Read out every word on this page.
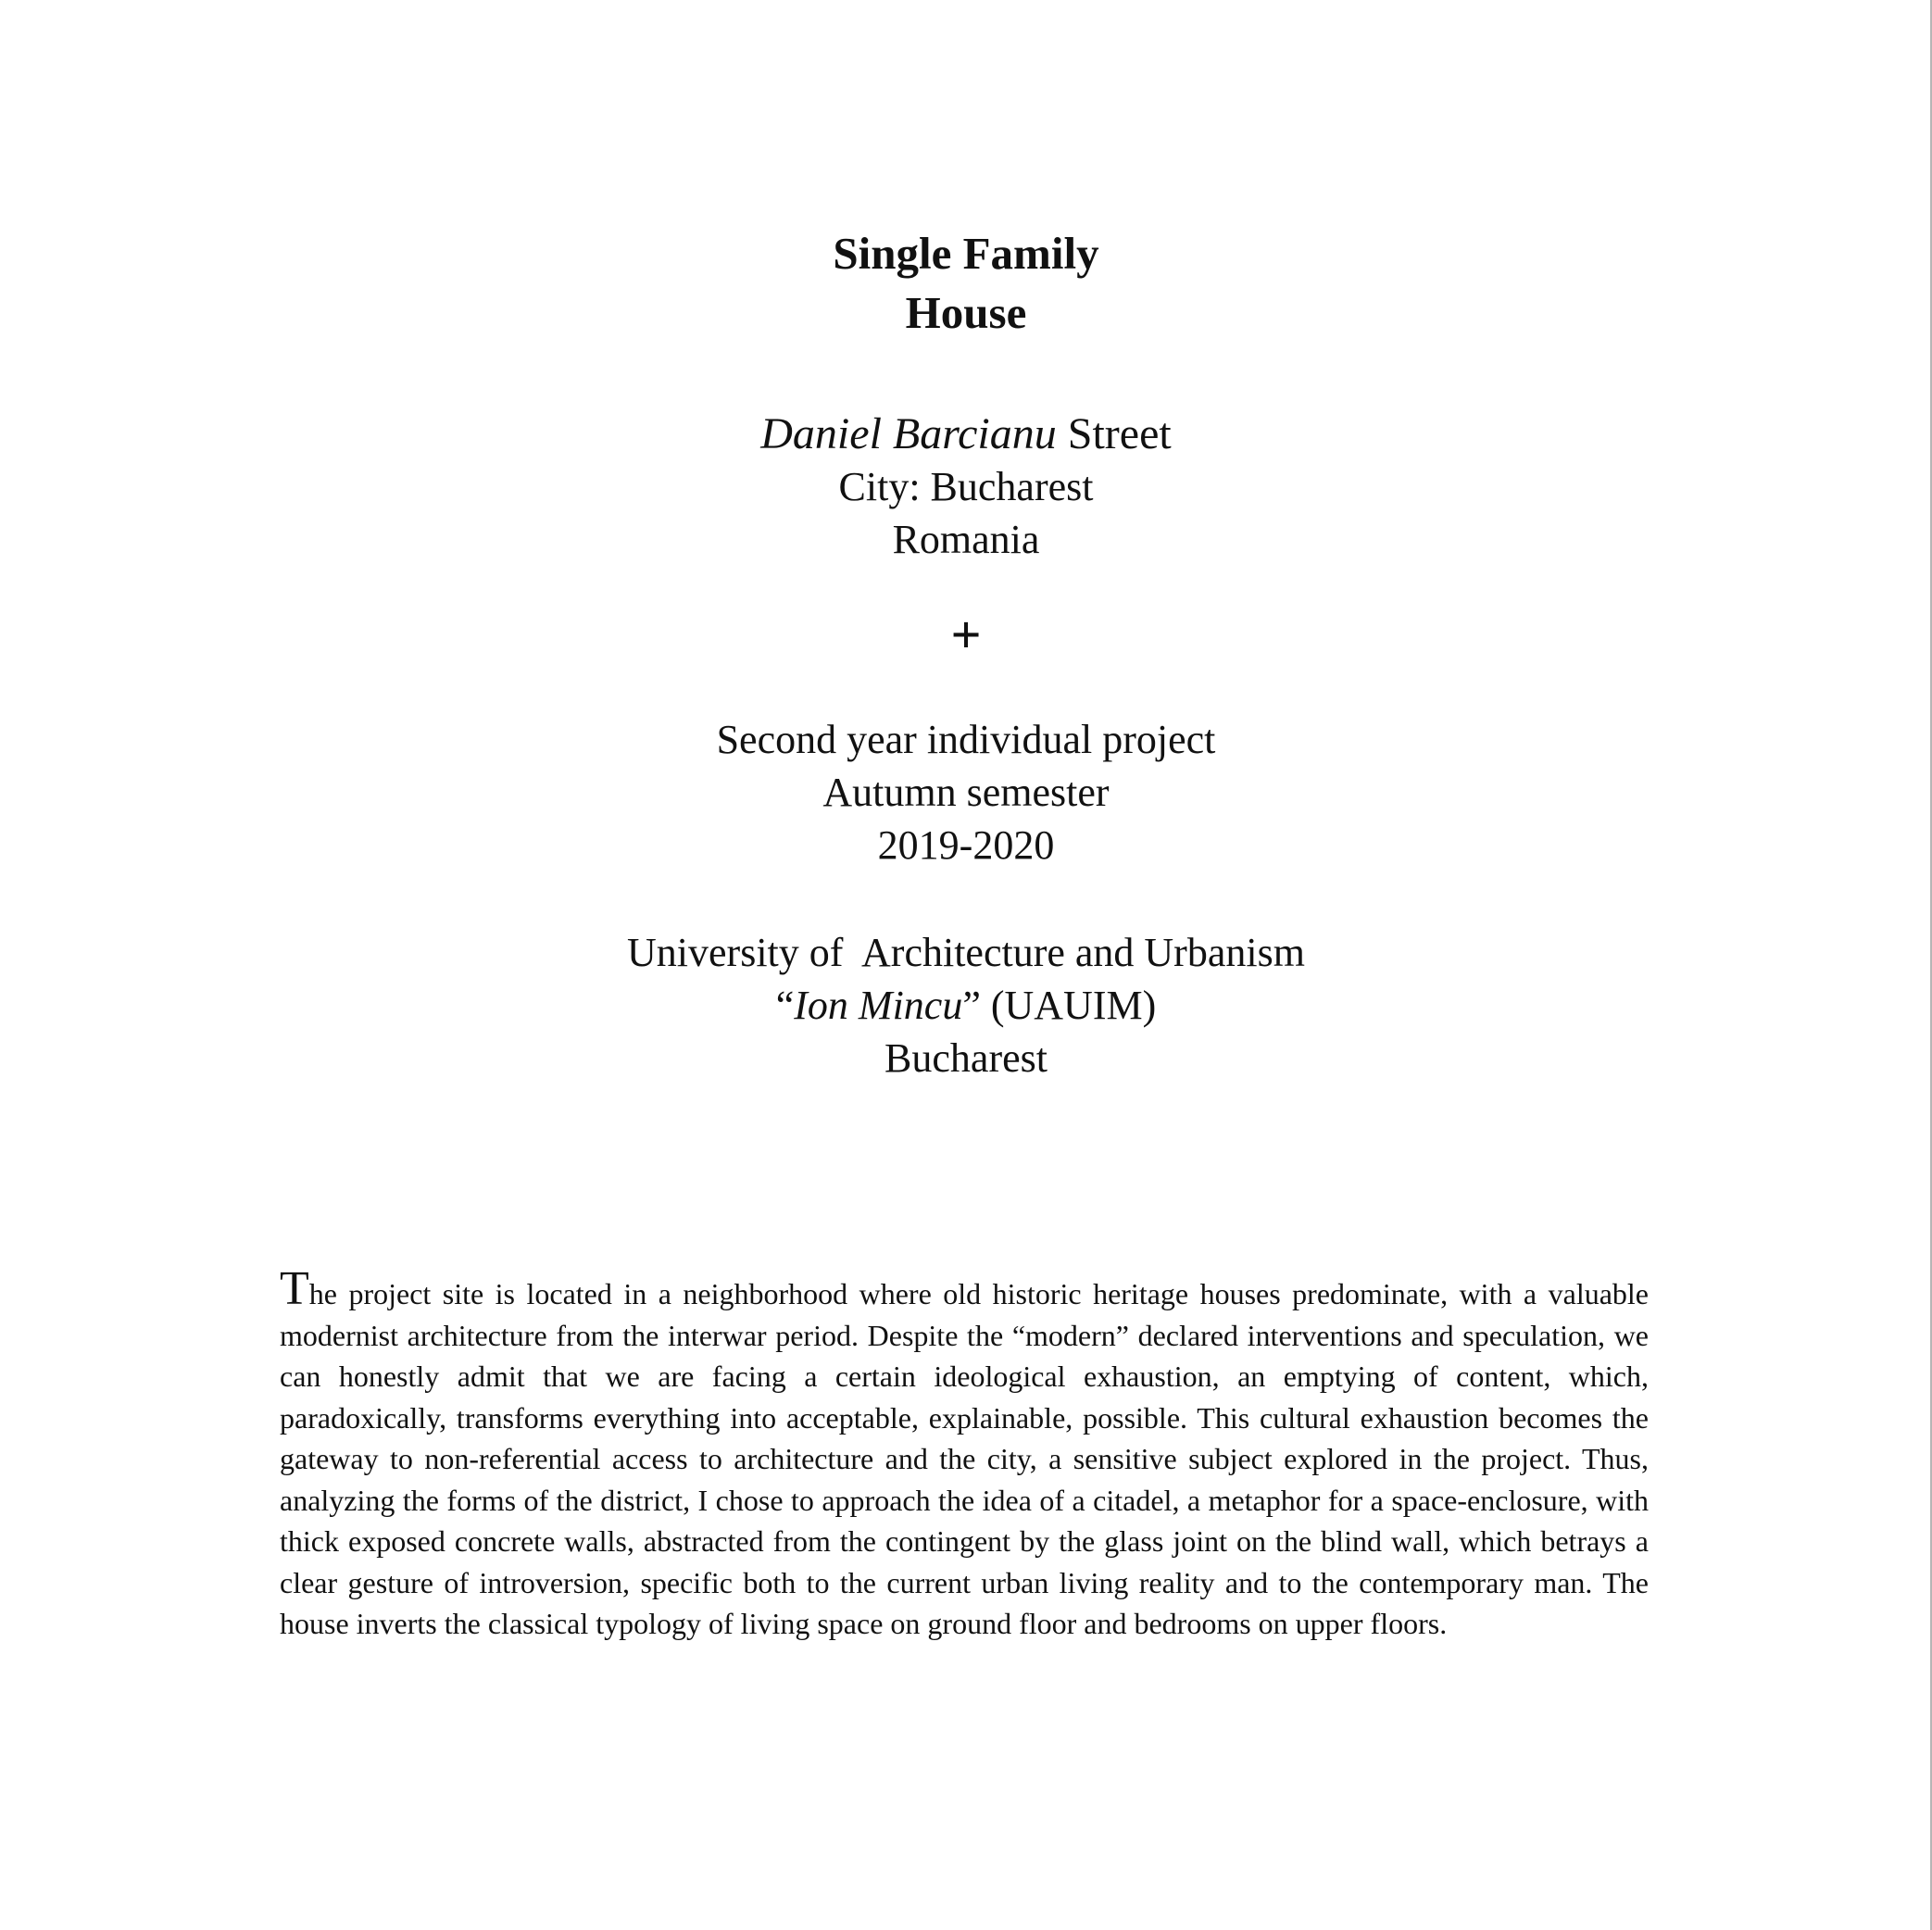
Single Family
House
Daniel Barcianu Street
City: Bucharest
Romania
+
Second year individual project
Autumn semester
2019-2020
University of  Architecture and Urbanism
“Ion Mincu” (UAUIM)
Bucharest
The project site is located in a neighborhood where old historic heritage houses predominate, with a valuable modernist architecture from the interwar period. Despite the “modern” declared interventions and speculation, we can honestly admit that we are facing a certain ideological exhaustion, an emptying of content, which, paradoxically, transforms everything into acceptable, explainable, possible. This cultural exhaustion becomes the gateway to non-referential access to architecture and the city, a sensitive subject explored in the project. Thus, analyzing the forms of the district, I chose to approach the idea of a citadel, a metaphor for a space-enclosure, with thick exposed concrete walls, abstracted from the contingent by the glass joint on the blind wall, which betrays a clear gesture of introversion, specific both to the current urban living reality and to the contemporary man. The house inverts the classical typology of living space on ground floor and bedrooms on upper floors.
